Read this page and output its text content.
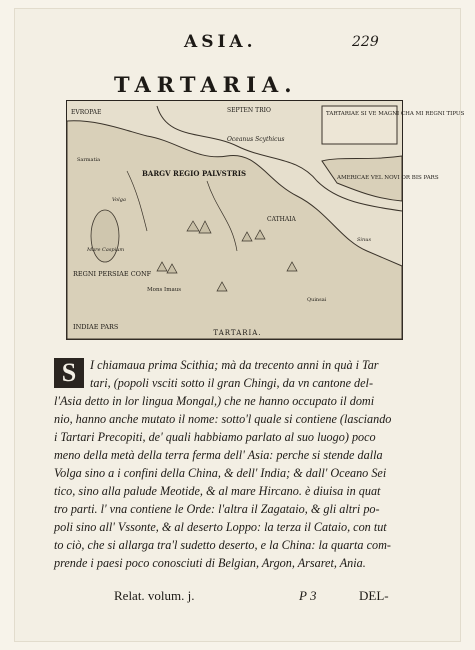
ASIA.	229
TARTARIA.
TARTARIAE SI VE MAGNI CHA MI REGNI TIPUS
EVROPAE	SEPTEN TRIO
BARGV REGIO PALVSTRIS
Oceanus Scythicus
AMERICAE VEL NOVI OR BIS PARS
REGNI PERSIAE CONF
INDIAE PARS
CATHAIA
Mare Caspium
Mons Imaus
Sinus
Quinsai
Sarmatia
Volga
TARTARIA.
S	I chiamaua prima Scithia; mà da trecento anni in quà i Tar

tari, (popoli vsciti sotto il gran Chingi, da vn cantone del-

l'Asia detto in lor lingua Mongal,) che ne hanno occupato il domi

nio, hanno anche mutato il nome: sotto'l quale si contiene (lasciando

i Tartari Precopiti, de' quali habbiamo parlato al suo luogo) poco

meno della metà della terra ferma dell' Asia: perche si stende dalla

Volga sino a i confini della China, & dell' India; & dall' Oceano Sei

tico, sino alla palude Meotide, & al mare Hircano. è diuisa in quat

tro parti. l' vna contiene le Orde: l'altra il Zagataio, & gli altri po-

poli sino all' Vssonte, & al deserto Loppo: la terza il Cataio, con tut

to ciò, che si allarga tra'l sudetto deserto, e la China: la quarta com-

prende i paesi poco conosciuti di Belgian, Argon, Arsaret, Ania.

Relat. volum. j.	P 3	DEL-
